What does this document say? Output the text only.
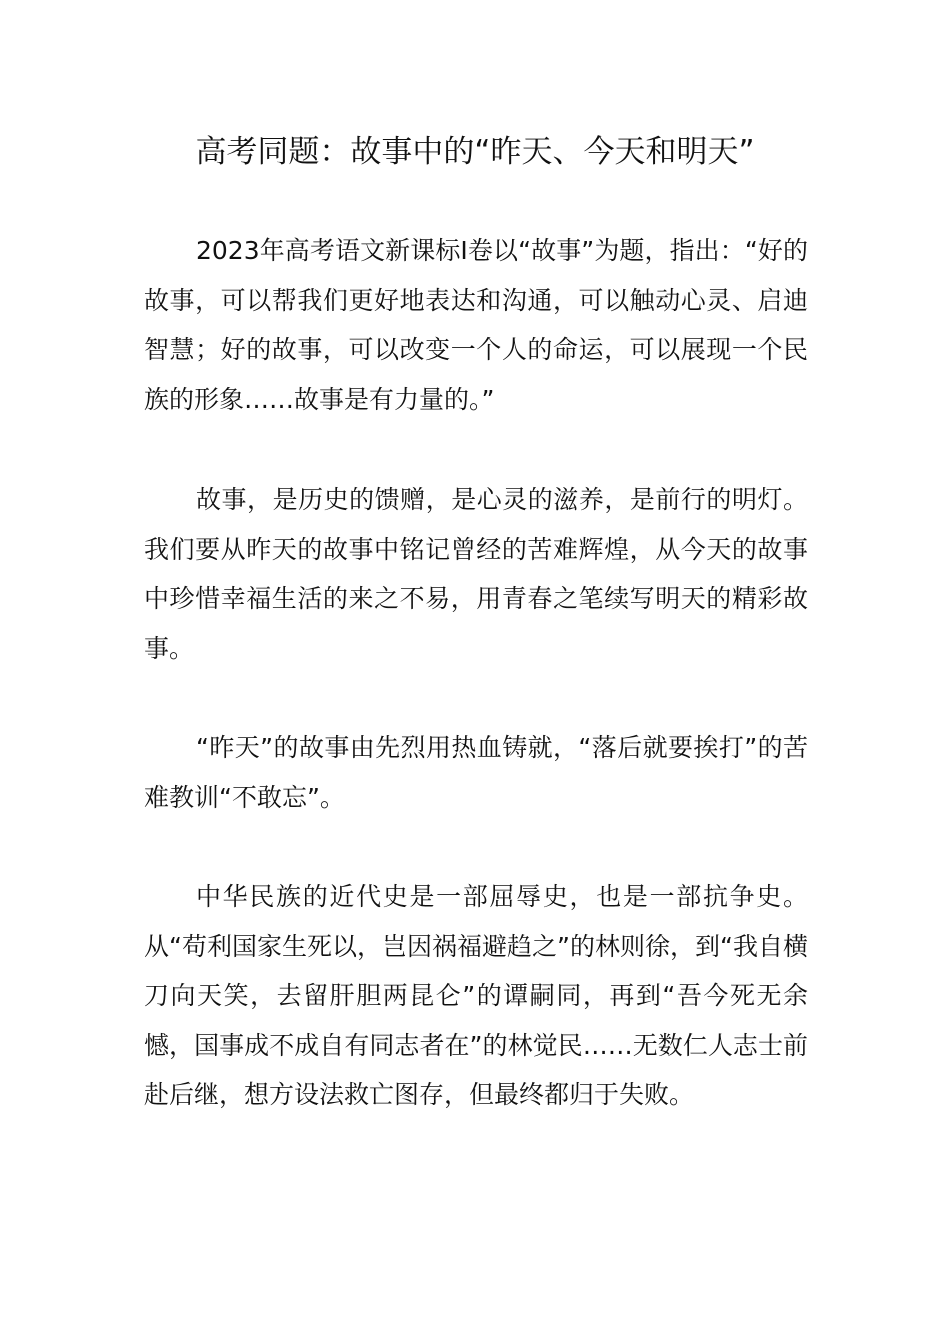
高考同题：故事中的“昨天、今天和明天”

2023年高考语文新课标Ⅰ卷以“故事”为题，指出：“好的故事，可以帮我们更好地表达和沟通，可以触动心灵、启迪智慧；好的故事，可以改变一个人的命运，可以展现一个民族的形象……故事是有力量的。”

故事，是历史的馈赠，是心灵的滋养，是前行的明灯。我们要从昨天的故事中铭记曾经的苦难辉煌，从今天的故事中珍惜幸福生活的来之不易，用青春之笔续写明天的精彩故事。

“昨天”的故事由先烈用热血铸就，“落后就要挨打”的苦难教训“不敢忘”。

中华民族的近代史是一部屈辱史，也是一部抗争史。从“苟利国家生死以，岂因祸福避趋之”的林则徐，到“我自横刀向天笑，去留肝胆两昆仑”的谭嗣同，再到“吾今死无余憾，国事成不成自有同志者在”的林觉民……无数仁人志士前赴后继，想方设法救亡图存，但最终都归于失败。
